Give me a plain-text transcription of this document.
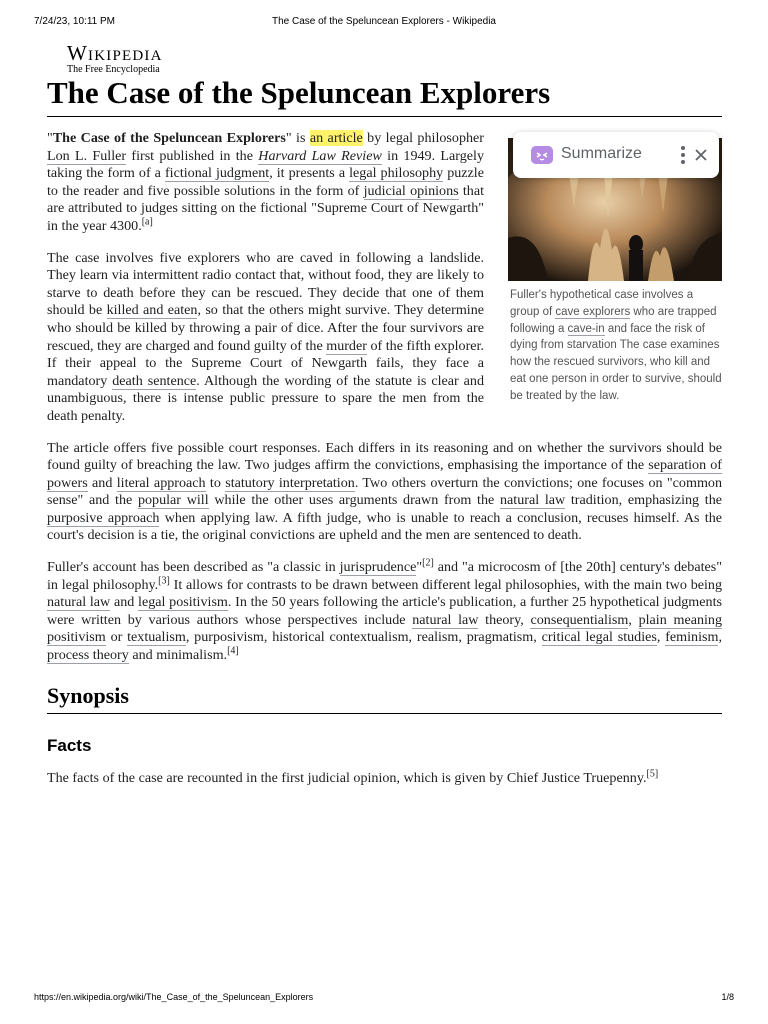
7/24/23, 10:11 PM	The Case of the Speluncean Explorers - Wikipedia
Wikipedia
The Free Encyclopedia
The Case of the Speluncean Explorers
Fuller's hypothetical case involves a group of cave explorers who are trapped following a cave-in and face the risk of dying from starvation The case examines how the rescued survivors, who kill and eat one person in order to survive, should be treated by the law.

"The Case of the Speluncean Explorers" is an article by legal philosopher Lon L. Fuller first published in the Harvard Law Review in 1949. Largely taking the form of a fictional judgment, it presents a legal philosophy puzzle to the reader and five possible solutions in the form of judicial opinions that are attributed to judges sitting on the fictional "Supreme Court of Newgarth" in the year 4300.[a]

The case involves five explorers who are caved in following a landslide. They learn via intermittent radio contact that, without food, they are likely to starve to death before they can be rescued. They decide that one of them should be killed and eaten, so that the others might survive. They determine who should be killed by throwing a pair of dice. After the four survivors are rescued, they are charged and found guilty of the murder of the fifth explorer. If their appeal to the Supreme Court of Newgarth fails, they face a mandatory death sentence. Although the wording of the statute is clear and unambiguous, there is intense public pressure to spare the men from the death penalty.

The article offers five possible court responses. Each differs in its reasoning and on whether the survivors should be found guilty of breaching the law. Two judges affirm the convictions, emphasising the importance of the separation of powers and literal approach to statutory interpretation. Two others overturn the convictions; one focuses on "common sense" and the popular will while the other uses arguments drawn from the natural law tradition, emphasizing the purposive approach when applying law. A fifth judge, who is unable to reach a conclusion, recuses himself. As the court's decision is a tie, the original convictions are upheld and the men are sentenced to death.

Fuller's account has been described as "a classic in jurisprudence"[2] and "a microcosm of [the 20th] century's debates" in legal philosophy.[3] It allows for contrasts to be drawn between different legal philosophies, with the main two being natural law and legal positivism. In the 50 years following the article's publication, a further 25 hypothetical judgments were written by various authors whose perspectives include natural law theory, consequentialism, plain meaning positivism or textualism, purposivism, historical contextualism, realism, pragmatism, critical legal studies, feminism, process theory and minimalism.[4]

Synopsis
Facts

The facts of the case are recounted in the first judicial opinion, which is given by Chief Justice Truepenny.[5]

Summarize
https://en.wikipedia.org/wiki/The_Case_of_the_Speluncean_Explorers	1/8
